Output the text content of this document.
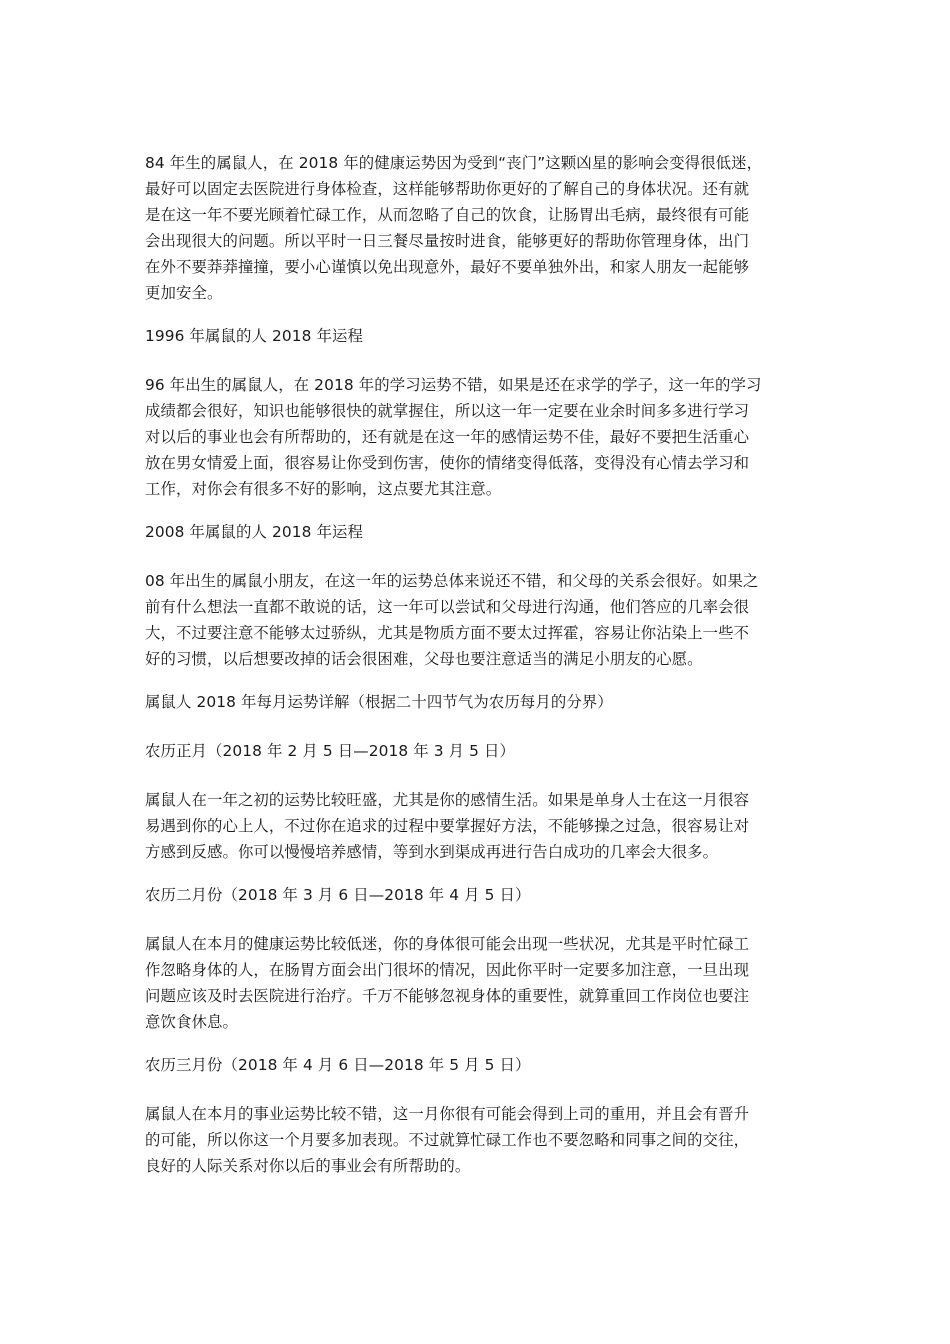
84 年生的属鼠人，在 2018 年的健康运势因为受到“丧门”这颗凶星的影响会变得很低迷，
最好可以固定去医院进行身体检查，这样能够帮助你更好的了解自己的身体状况。还有就
是在这一年不要光顾着忙碌工作，从而忽略了自己的饮食，让肠胃出毛病，最终很有可能
会出现很大的问题。所以平时一日三餐尽量按时进食，能够更好的帮助你管理身体，出门
在外不要莽莽撞撞，要小心谨慎以免出现意外，最好不要单独外出，和家人朋友一起能够
更加安全。

1996 年属鼠的人 2018 年运程

96 年出生的属鼠人，在 2018 年的学习运势不错，如果是还在求学的学子，这一年的学习
成绩都会很好，知识也能够很快的就掌握住，所以这一年一定要在业余时间多多进行学习
对以后的事业也会有所帮助的，还有就是在这一年的感情运势不佳，最好不要把生活重心
放在男女情爱上面，很容易让你受到伤害，使你的情绪变得低落，变得没有心情去学习和
工作，对你会有很多不好的影响，这点要尤其注意。

2008 年属鼠的人 2018 年运程

08 年出生的属鼠小朋友，在这一年的运势总体来说还不错，和父母的关系会很好。如果之
前有什么想法一直都不敢说的话，这一年可以尝试和父母进行沟通，他们答应的几率会很
大，不过要注意不能够太过骄纵，尤其是物质方面不要太过挥霍，容易让你沾染上一些不
好的习惯，以后想要改掉的话会很困难，父母也要注意适当的满足小朋友的心愿。

属鼠人 2018 年每月运势详解（根据二十四节气为农历每月的分界）

农历正月（2018 年 2 月 5 日—2018 年 3 月 5 日）

属鼠人在一年之初的运势比较旺盛，尤其是你的感情生活。如果是单身人士在这一月很容
易遇到你的心上人，不过你在追求的过程中要掌握好方法，不能够操之过急，很容易让对
方感到反感。你可以慢慢培养感情，等到水到渠成再进行告白成功的几率会大很多。

农历二月份（2018 年 3 月 6 日—2018 年 4 月 5 日）

属鼠人在本月的健康运势比较低迷，你的身体很可能会出现一些状况，尤其是平时忙碌工
作忽略身体的人，在肠胃方面会出门很坏的情况，因此你平时一定要多加注意，一旦出现
问题应该及时去医院进行治疗。千万不能够忽视身体的重要性，就算重回工作岗位也要注
意饮食休息。

农历三月份（2018 年 4 月 6 日—2018 年 5 月 5 日）

属鼠人在本月的事业运势比较不错，这一月你很有可能会得到上司的重用，并且会有晋升
的可能，所以你这一个月要多加表现。不过就算忙碌工作也不要忽略和同事之间的交往，
良好的人际关系对你以后的事业会有所帮助的。
